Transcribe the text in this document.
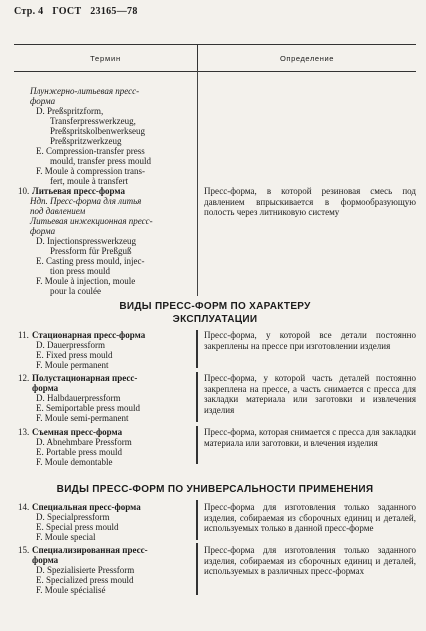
Стр. 4 ГОСТ 23165—78
Термин	Определение
Плунжерно-литьевая пресс-
форма
D. Preßspritzform,
Transferpresswerkzeug,
Preßspritskolbenwerkseug
Preßspritzwerkzeug
E. Compression-transfer press
mould, transfer press mould
F. Moule à compression trans-
fert, moule à transfert
10. Литьевая пресс-форма
Ндп. Пресс-форма для литья
под давлением
Литьевая инжекционная пресс-
форма
D. Injectionspresswerkzeug
Pressform für Preßguß
E. Casting press mould, injec-
tion press mould
F. Moule à injection, moule
pour la coulée
Пресс-форма, в которой резиновая смесь под давлением впрыскивается в формообразующую полость через литниковую систему
ВИДЫ ПРЕСС-ФОРМ ПО ХАРАКТЕРУ
ЭКСПЛУАТАЦИИ
11. Стационарная пресс-форма
D. Dauerpressform
E. Fixed press mould
F. Moule permanent
Пресс-форма, у которой все детали постоянно закреплены на прессе при изготовлении изделия
12. Полустационарная пресс-
форма
D. Halbdauerpressform
E. Semiportable press mould
F. Moule semi-permanent
Пресс-форма, у которой часть деталей постоянно закреплена на прессе, а часть снимается с пресса для закладки материала или заготовки и извлечения изделия
13. Съемная пресс-форма
D. Abnehmbare Pressform
E. Portable press mould
F. Moule demontable
Пресс-форма, которая снимается с пресса для закладки материала или заготовки, и влечения изделия
ВИДЫ ПРЕСС-ФОРМ ПО УНИВЕРСАЛЬНОСТИ ПРИМЕНЕНИЯ
14. Специальная пресс-форма
D. Specialpressform
E. Special press mould
F. Moule special
Пресс-форма для изготовления только заданного изделия, собираемая из сборочных единиц и деталей, используемых только в данной пресс-форме
15. Специализированная пресс-
форма
D. Spezialisierte Pressform
E. Specialized press mould
F. Moule spécialisé
Пресс-форма для изготовления только заданного изделия, собираемая из сборочных единиц и деталей, используемых в различных пресс-формах
